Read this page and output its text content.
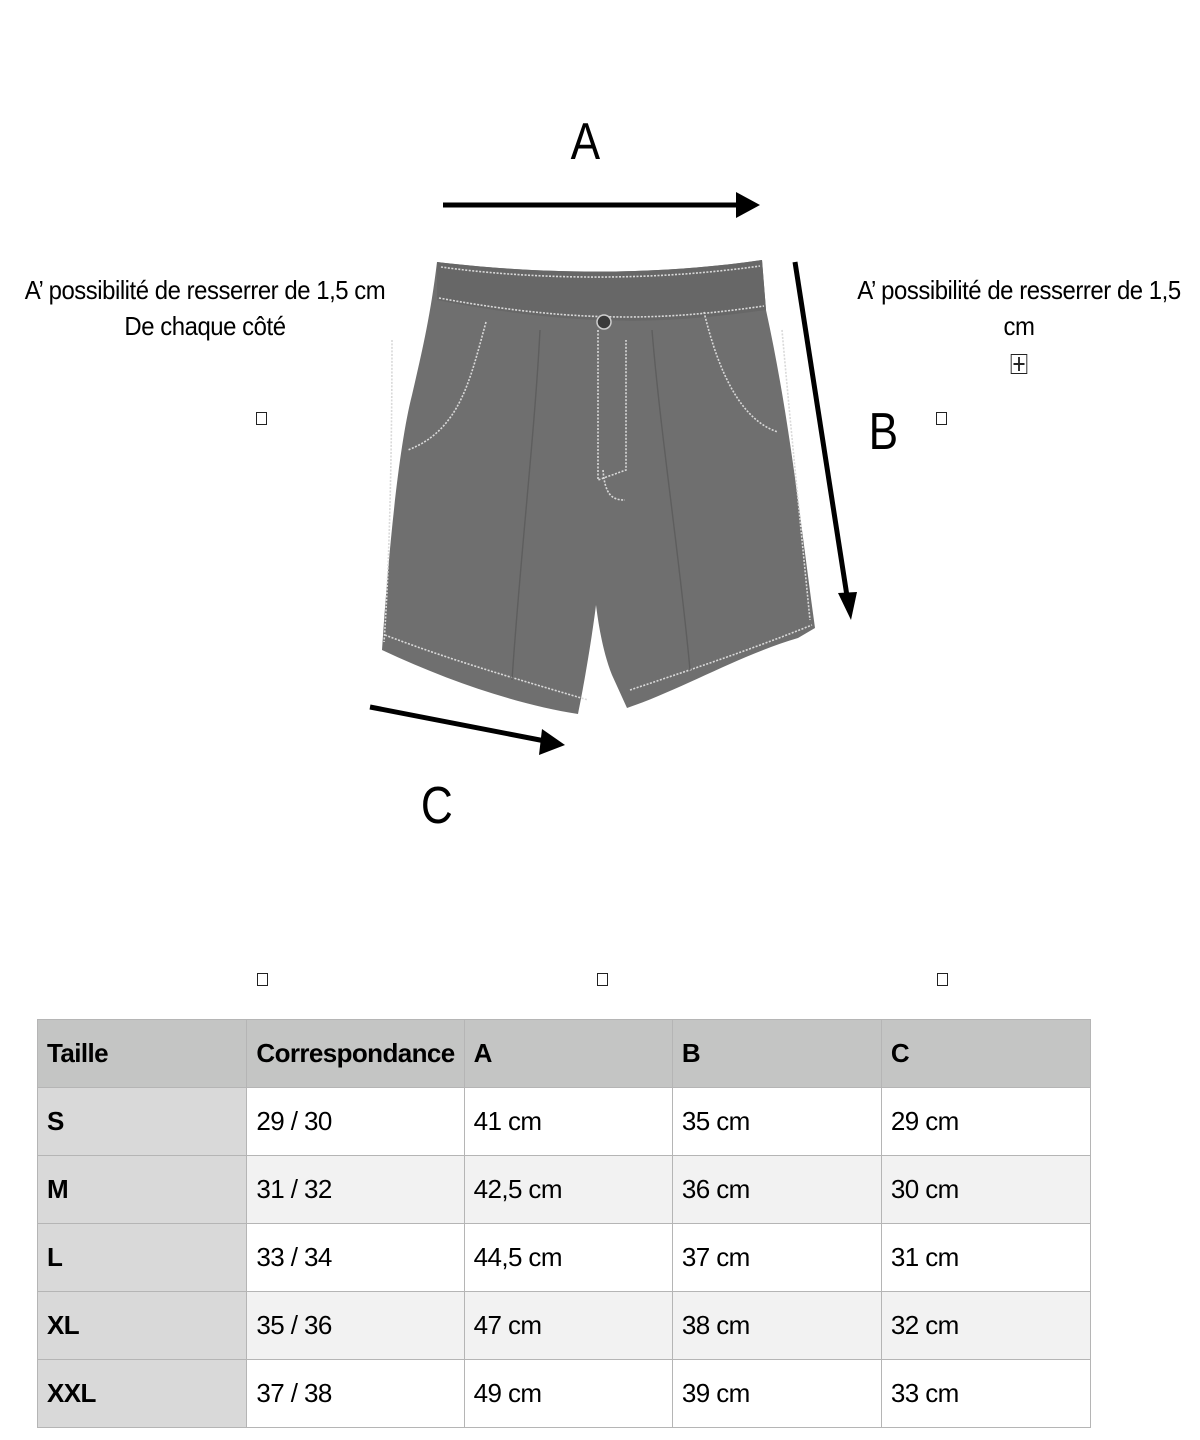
A
B
C
A’ possibilité de resserrer de 1,5 cm
De chaque côté
A’ possibilité de resserrer de 1,5
cm
Taille	Correspondance	A	B	C
S	29 / 30	41 cm	35 cm	29 cm
M	31 / 32	42,5 cm	36 cm	30 cm
L	33 / 34	44,5 cm	37 cm	31 cm
XL	35 / 36	47 cm	38 cm	32 cm
XXL	37 / 38	49 cm	39 cm	33 cm
